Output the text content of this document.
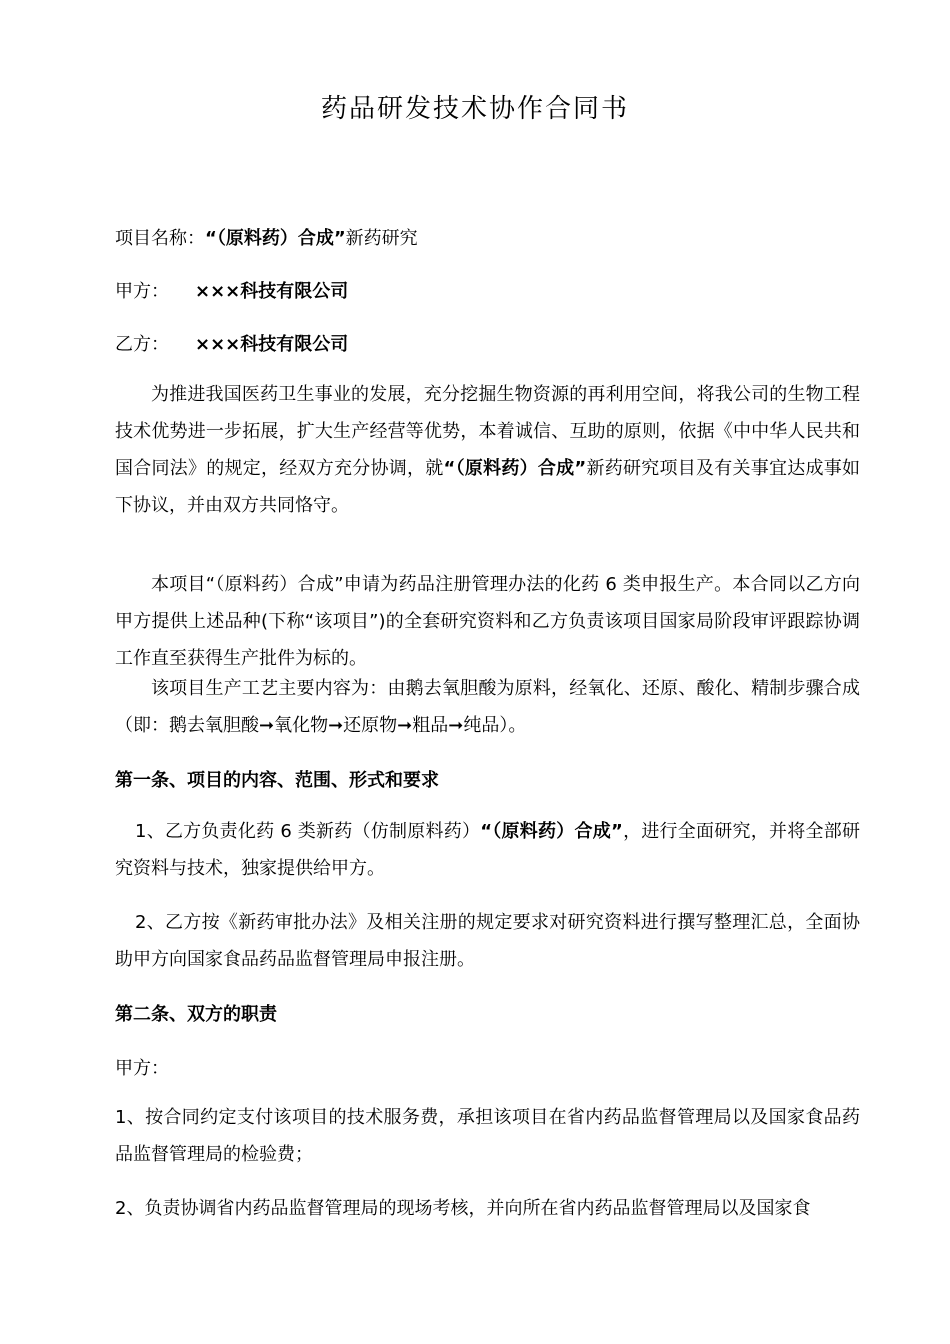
药品研发技术协作合同书
项目名称：“（原料药）合成”新药研究
甲方： ×××科技有限公司
乙方： ×××科技有限公司
为推进我国医药卫生事业的发展，充分挖掘生物资源的再利用空间，将我公司的生物工程技术优势进一步拓展，扩大生产经营等优势，本着诚信、互助的原则，依据《中中华人民共和国合同法》的规定，经双方充分协调，就“（原料药）合成”新药研究项目及有关事宜达成事如下协议，并由双方共同恪守。
本项目“（原料药）合成”申请为药品注册管理办法的化药 6 类申报生产。本合同以乙方向甲方提供上述品种(下称“该项目”)的全套研究资料和乙方负责该项目国家局阶段审评跟踪协调工作直至获得生产批件为标的。
该项目生产工艺主要内容为：由鹅去氧胆酸为原料，经氧化、还原、酸化、精制步骤合成（即：鹅去氧胆酸➞氧化物➞还原物➞粗品➞纯品）。
第一条、项目的内容、范围、形式和要求
1、乙方负责化药 6 类新药（仿制原料药）“（原料药）合成”，进行全面研究，并将全部研究资料与技术，独家提供给甲方。
2、乙方按《新药审批办法》及相关注册的规定要求对研究资料进行撰写整理汇总，全面协助甲方向国家食品药品监督管理局申报注册。
第二条、双方的职责
甲方：
1、按合同约定支付该项目的技术服务费，承担该项目在省内药品监督管理局以及国家食品药品监督管理局的检验费；
2、负责协调省内药品监督管理局的现场考核，并向所在省内药品监督管理局以及国家食
